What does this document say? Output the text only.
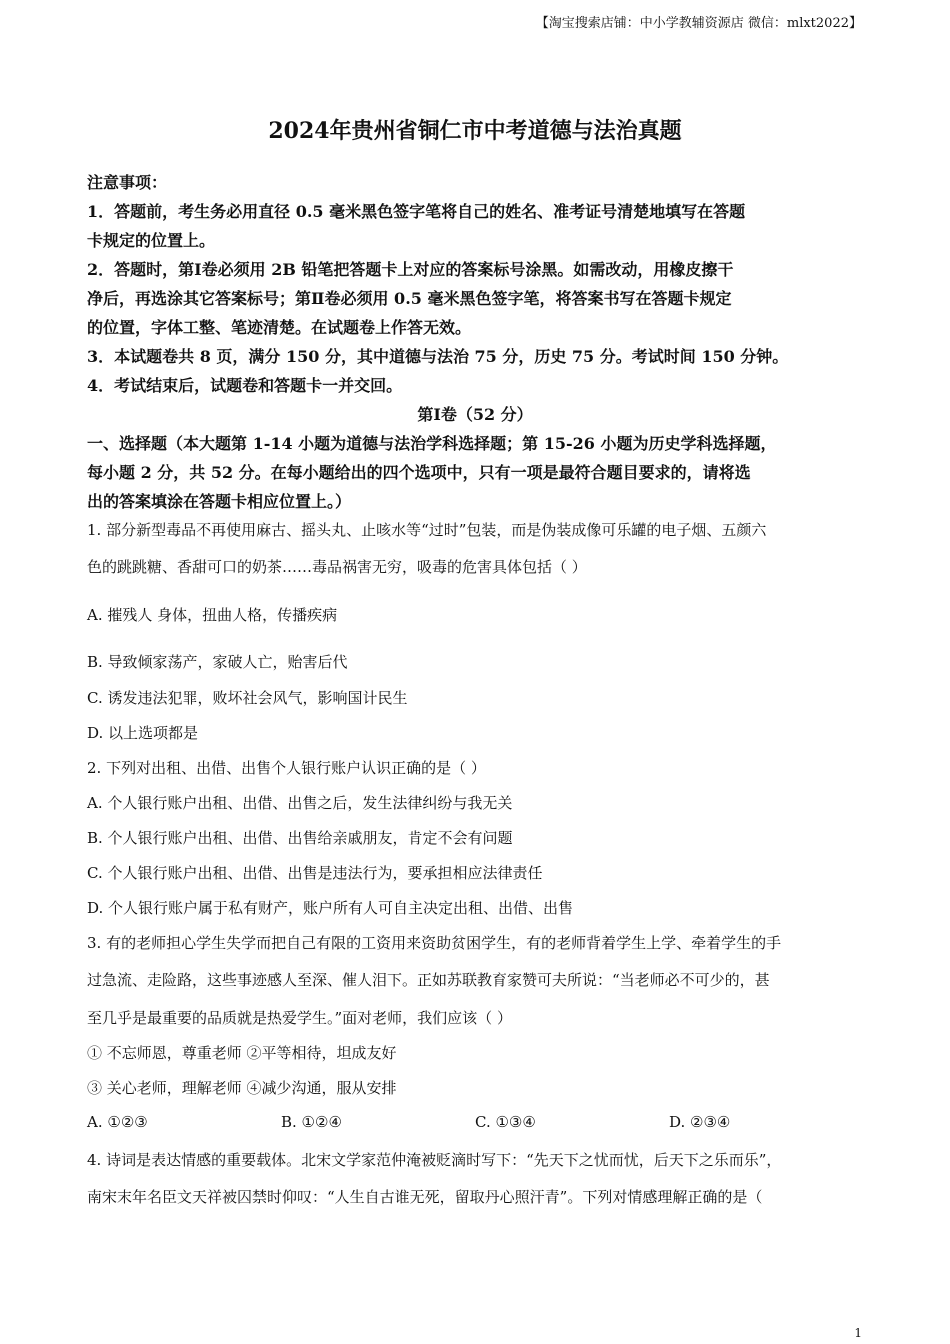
【淘宝搜索店铺：中小学教辅资源店 微信：mlxt2022】
2024年贵州省铜仁市中考道德与法治真题
注意事项：
1．答题前，考生务必用直径 0.5 毫米黑色签字笔将自己的姓名、准考证号清楚地填写在答题
卡规定的位置上。
2．答题时，第Ⅰ卷必须用 2B 铅笔把答题卡上对应的答案标号涂黑。如需改动，用橡皮擦干
净后，再选涂其它答案标号；第Ⅱ卷必须用 0.5 毫米黑色签字笔，将答案书写在答题卡规定
的位置，字体工整、笔迹清楚。在试题卷上作答无效。
3．本试题卷共 8 页，满分 150 分，其中道德与法治 75 分，历史 75 分。考试时间 150 分钟。
4．考试结束后，试题卷和答题卡一并交回。
第Ⅰ卷（52 分）
一、选择题（本大题第 1-14 小题为道德与法治学科选择题；第 15-26 小题为历史学科选择题，
每小题 2 分，共 52 分。在每小题给出的四个选项中，只有一项是最符合题目要求的，请将选
出的答案填涂在答题卡相应位置上。）
1. 部分新型毒品不再使用麻古、摇头丸、止咳水等“过时”包装，而是伪装成像可乐罐的电子烟、五颜六
色的跳跳糖、香甜可口的奶茶……毒品祸害无穷，吸毒的危害具体包括（ ）
A. 摧残人 身体，扭曲人格，传播疾病
B. 导致倾家荡产，家破人亡，贻害后代
C. 诱发违法犯罪，败坏社会风气，影响国计民生
D. 以上选项都是
2. 下列对出租、出借、出售个人银行账户认识正确的是（ ）
A. 个人银行账户出租、出借、出售之后，发生法律纠纷与我无关
B. 个人银行账户出租、出借、出售给亲戚朋友，肯定不会有问题
C. 个人银行账户出租、出借、出售是违法行为，要承担相应法律责任
D. 个人银行账户属于私有财产，账户所有人可自主决定出租、出借、出售
3. 有的老师担心学生失学而把自己有限的工资用来资助贫困学生，有的老师背着学生上学、牵着学生的手
过急流、走险路，这些事迹感人至深、催人泪下。正如苏联教育家赞可夫所说：“当老师必不可少的，甚
至几乎是最重要的品质就是热爱学生。”面对老师，我们应该（ ）
① 不忘师恩，尊重老师 ②平等相待，坦成友好
③ 关心老师，理解老师 ④减少沟通，服从安排
A. ①②③	B. ①②④	C. ①③④	D. ②③④
4. 诗词是表达情感的重要载体。北宋文学家范仲淹被贬滴时写下：“先天下之忧而忧，后天下之乐而乐”，
南宋末年名臣文天祥被囚禁时仰叹：“人生自古谁无死，留取丹心照汗青”。下列对情感理解正确的是（
1
